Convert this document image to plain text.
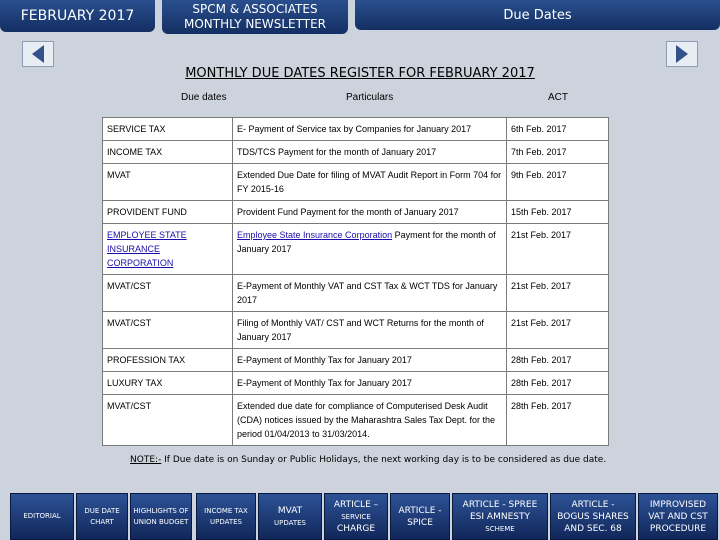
FEBRUARY 2017	SPCM & ASSOCIATES
MONTHLY NEWSLETTER
Due Dates
MONTHLY DUE DATES REGISTER FOR FEBRUARY 2017
Due dates	Particulars	ACT
SERVICE TAX	E- Payment of Service tax by Companies for January 2017	6th Feb. 2017
INCOME TAX	TDS/TCS Payment for the month of January 2017	7th Feb. 2017
MVAT	Extended Due Date for filing of MVAT Audit Report in Form 704 for FY 2015-16	9th Feb. 2017
PROVIDENT FUND	Provident Fund Payment for the month of January 2017	15th Feb. 2017
EMPLOYEE STATE INSURANCE CORPORATION	Employee State Insurance Corporation Payment for the month of January 2017	21st Feb. 2017
MVAT/CST	E-Payment of Monthly VAT and CST Tax & WCT TDS for January 2017	21st Feb. 2017
MVAT/CST	Filing of Monthly VAT/ CST and WCT Returns for the month of January 2017	21st Feb. 2017
PROFESSION TAX	E-Payment of Monthly Tax for January 2017	28th Feb. 2017
LUXURY TAX	E-Payment of Monthly Tax for January 2017	28th Feb. 2017
MVAT/CST	Extended due date for compliance of Computerised Desk Audit (CDA) notices issued by the Maharashtra Sales Tax Dept. for the period 01/04/2013 to 31/03/2014.	28th Feb. 2017
NOTE:- If Due date is on Sunday or Public Holidays, the next working day is to be considered as due date.
EDITORIAL
DUE DATE CHART
HIGHLIGHTS OF UNION BUDGET
INCOME TAX UPDATES
MVAT
UPDATES
ARTICLE –
SERVICE
CHARGE
ARTICLE -
SPICE
ARTICLE - SPREE
ESI AMNESTY
SCHEME
ARTICLE -
BOGUS SHARES
AND SEC. 68
IMPROVISED
VAT AND CST
PROCEDURE
